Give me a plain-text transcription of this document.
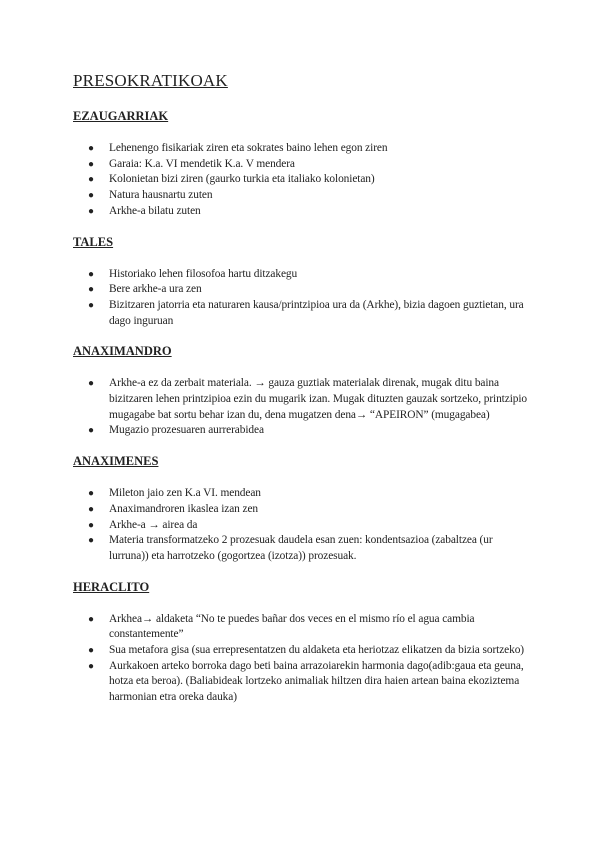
PRESOKRATIKOAK
EZAUGARRIAK
● Lehenengo fisikariak ziren eta sokrates baino lehen egon ziren
● Garaia: K.a. VI mendetik K.a. V mendera
● Kolonietan bizi ziren (gaurko turkia eta italiako kolonietan)
● Natura hausnartu zuten
● Arkhe-a bilatu zuten
TALES
● Historiako lehen filosofoa hartu ditzakegu
● Bere arkhe-a ura zen
● Bizitzaren jatorria eta naturaren kausa/printzipioa ura da (Arkhe), bizia dagoen guztietan, ura dago inguruan
ANAXIMANDRO
● Arkhe-a ez da zerbait materiala. → gauza guztiak materialak direnak, mugak ditu baina bizitzaren lehen printzipioa ezin du mugarik izan. Mugak dituzten gauzak sortzeko, printzipio mugagabe bat sortu behar izan du, dena mugatzen dena→ “APEIRON” (mugagabea)
● Mugazio prozesuaren aurrerabidea
ANAXIMENES
● Mileton jaio zen K.a VI. mendean
● Anaximandroren ikaslea izan zen
● Arkhe-a → airea da
● Materia transformatzeko 2 prozesuak daudela esan zuen: kondentsazioa (zabaltzea (ur lurruna)) eta harrotzeko (gogortzea (izotza)) prozesuak.
HERACLITO
● Arkhea→ aldaketa “No te puedes bañar dos veces en el mismo río el agua cambia constantemente”
● Sua metafora gisa (sua errepresentatzen du aldaketa eta heriotzaz elikatzen da bizia sortzeko)
● Aurkakoen arteko borroka dago beti baina arrazoiarekin harmonia dago(adib:gaua eta geuna, hotza eta beroa). (Baliabideak lortzeko animaliak hiltzen dira haien artean baina ekoziztema harmonian etra oreka dauka)
